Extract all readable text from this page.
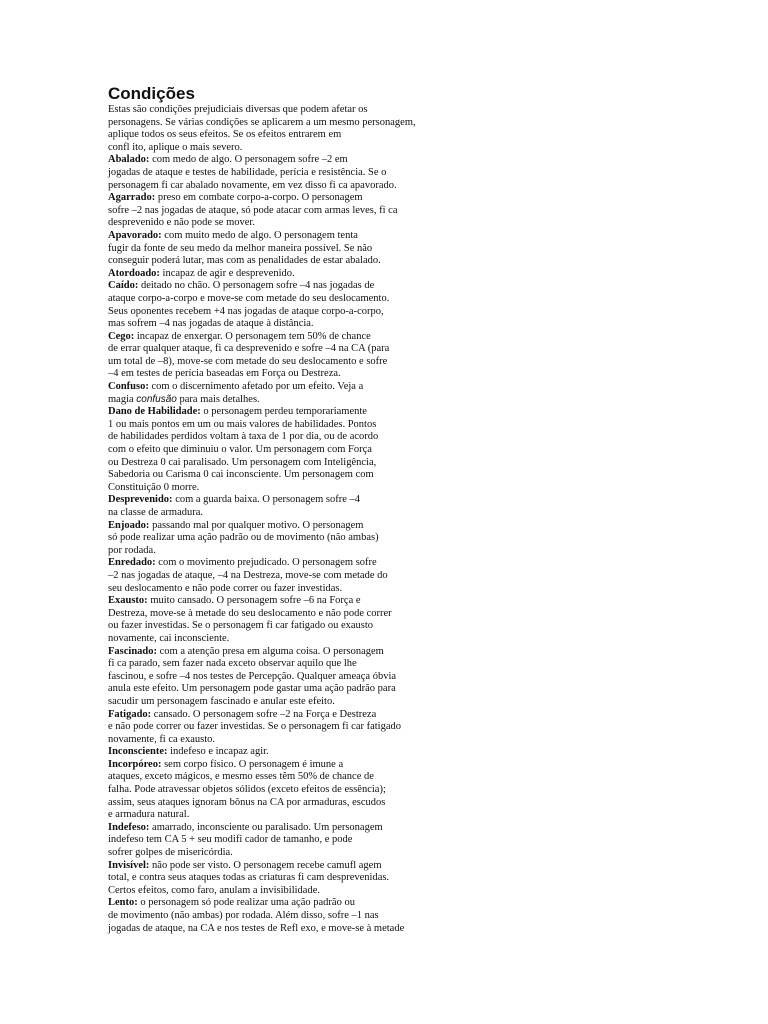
Condições
Estas são condições prejudiciais diversas que podem afetar os
personagens. Se várias condições se aplicarem a um mesmo personagem,
aplique todos os seus efeitos. Se os efeitos entrarem em
confl ito, aplique o mais severo.
Abalado: com medo de algo. O personagem sofre –2 em
jogadas de ataque e testes de habilidade, perícia e resistência. Se o
personagem fi car abalado novamente, em vez disso fi ca apavorado.
Agarrado: preso em combate corpo-a-corpo. O personagem
sofre –2 nas jogadas de ataque, só pode atacar com armas leves, fi ca
desprevenido e não pode se mover.
Apavorado: com muito medo de algo. O personagem tenta
fugir da fonte de seu medo da melhor maneira possível. Se não
conseguir poderá lutar, mas com as penalidades de estar abalado.
Atordoado: incapaz de agir e desprevenido.
Caído: deitado no chão. O personagem sofre –4 nas jogadas de
ataque corpo-a-corpo e move-se com metade do seu deslocamento.
Seus oponentes recebem +4 nas jogadas de ataque corpo-a-corpo,
mas sofrem –4 nas jogadas de ataque à distância.
Cego: incapaz de enxergar. O personagem tem 50% de chance
de errar qualquer ataque, fi ca desprevenido e sofre –4 na CA (para
um total de –8), move-se com metade do seu deslocamento e sofre
–4 em testes de perícia baseadas em Força ou Destreza.
Confuso: com o discernimento afetado por um efeito. Veja a
magia confusão para mais detalhes.
Dano de Habilidade: o personagem perdeu temporariamente
1 ou mais pontos em um ou mais valores de habilidades. Pontos
de habilidades perdidos voltam à taxa de 1 por dia, ou de acordo
com o efeito que diminuiu o valor. Um personagem com Força
ou Destreza 0 cai paralisado. Um personagem com Inteligência,
Sabedoria ou Carisma 0 cai inconsciente. Um personagem com
Constituição 0 morre.
Desprevenido: com a guarda baixa. O personagem sofre –4
na classe de armadura.
Enjoado: passando mal por qualquer motivo. O personagem
só pode realizar uma ação padrão ou de movimento (não ambas)
por rodada.
Enredado: com o movimento prejudicado. O personagem sofre
–2 nas jogadas de ataque, –4 na Destreza, move-se com metade do
seu deslocamento e não pode correr ou fazer investidas.
Exausto: muito cansado. O personagem sofre –6 na Força e
Destreza, move-se à metade do seu deslocamento e não pode correr
ou fazer investidas. Se o personagem fi car fatigado ou exausto
novamente, cai inconsciente.
Fascinado: com a atenção presa em alguma coisa. O personagem
fi ca parado, sem fazer nada exceto observar aquilo que lhe
fascinou, e sofre –4 nos testes de Percepção. Qualquer ameaça óbvia
anula este efeito. Um personagem pode gastar uma ação padrão para
sacudir um personagem fascinado e anular este efeito.
Fatigado: cansado. O personagem sofre –2 na Força e Destreza
e não pode correr ou fazer investidas. Se o personagem fi car fatigado
novamente, fi ca exausto.
Inconsciente: indefeso e incapaz agir.
Incorpóreo: sem corpo físico. O personagem é imune a
ataques, exceto mágicos, e mesmo esses têm 50% de chance de
falha. Pode atravessar objetos sólidos (exceto efeitos de essência);
assim, seus ataques ignoram bônus na CA por armaduras, escudos
e armadura natural.
Indefeso: amarrado, inconsciente ou paralisado. Um personagem
indefeso tem CA 5 + seu modifi cador de tamanho, e pode
sofrer golpes de misericórdia.
Invisível: não pode ser visto. O personagem recebe camufl agem
total, e contra seus ataques todas as criaturas fi cam desprevenidas.
Certos efeitos, como faro, anulam a invisibilidade.
Lento: o personagem só pode realizar uma ação padrão ou
de movimento (não ambas) por rodada. Além disso, sofre –1 nas
jogadas de ataque, na CA e nos testes de Refl exo, e move-se à metade
